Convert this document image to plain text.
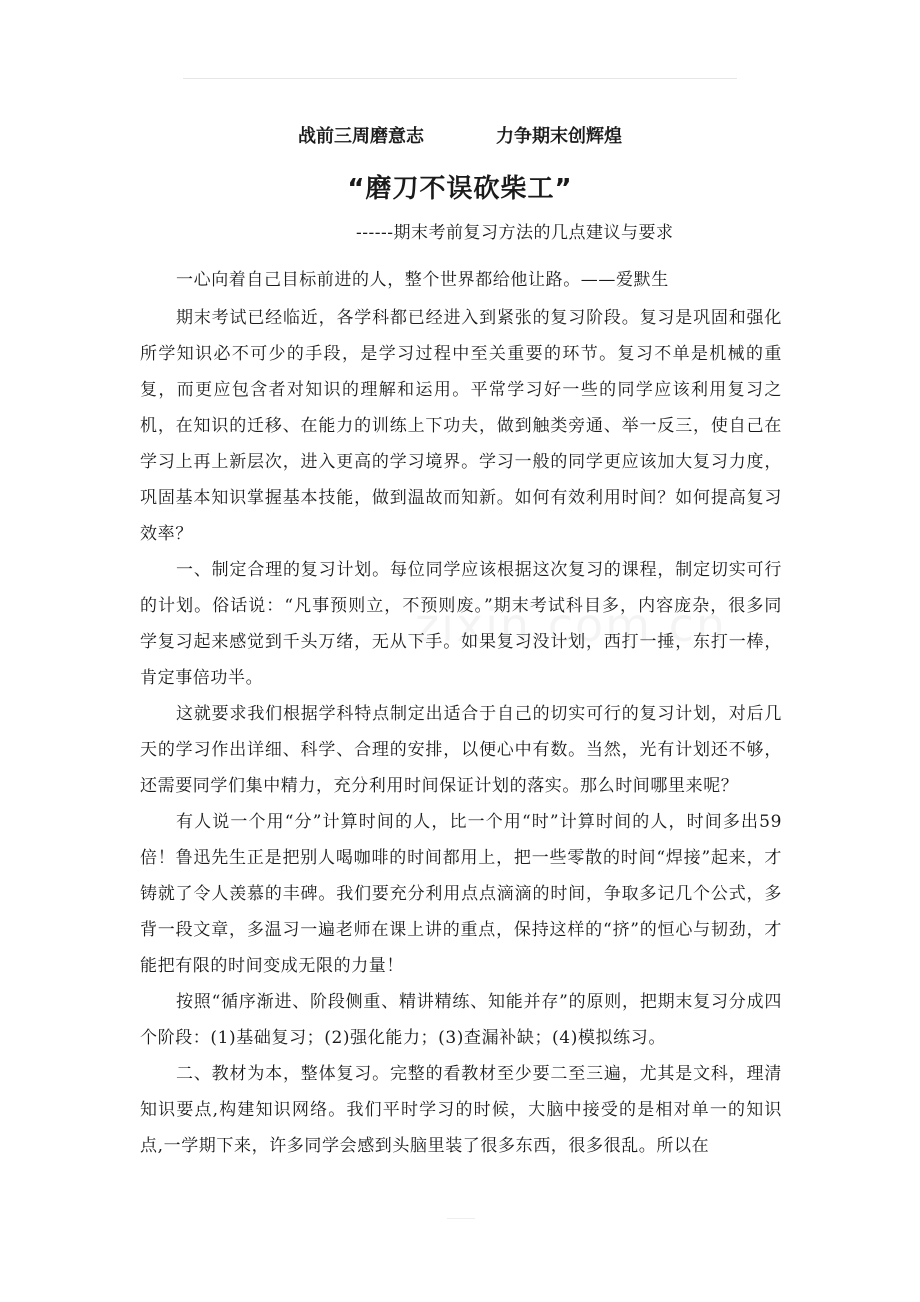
战前三周磨意志	力争期末创辉煌
“磨刀不误砍柴工”
------期末考前复习方法的几点建议与要求

一心向着自己目标前进的人，整个世界都给他让路。——爱默生

期末考试已经临近，各学科都已经进入到紧张的复习阶段。复习是巩固和强化所学知识必不可少的手段，是学习过程中至关重要的环节。复习不单是机械的重复，而更应包含者对知识的理解和运用。平常学习好一些的同学应该利用复习之机，在知识的迁移、在能力的训练上下功夫，做到触类旁通、举一反三，使自己在学习上再上新层次，进入更高的学习境界。学习一般的同学更应该加大复习力度，巩固基本知识掌握基本技能，做到温故而知新。如何有效利用时间？如何提高复习效率？

一、制定合理的复习计划。每位同学应该根据这次复习的课程，制定切实可行的计划。俗话说：“凡事预则立，不预则废。”期末考试科目多，内容庞杂，很多同学复习起来感觉到千头万绪，无从下手。如果复习没计划，西打一捶，东打一棒，肯定事倍功半。

这就要求我们根据学科特点制定出适合于自己的切实可行的复习计划，对后几天的学习作出详细、科学、合理的安排，以便心中有数。当然，光有计划还不够，还需要同学们集中精力，充分利用时间保证计划的落实。那么时间哪里来呢？

有人说一个用“分”计算时间的人，比一个用“时”计算时间的人，时间多出59倍！鲁迅先生正是把别人喝咖啡的时间都用上，把一些零散的时间“焊接”起来，才铸就了令人羡慕的丰碑。我们要充分利用点点滴滴的时间，争取多记几个公式，多背一段文章，多温习一遍老师在课上讲的重点，保持这样的“挤”的恒心与韧劲，才能把有限的时间变成无限的力量！

按照“循序渐进、阶段侧重、精讲精练、知能并存”的原则，把期末复习分成四个阶段：(1)基础复习；(2)强化能力；(3)查漏补缺；(4)模拟练习。

二、教材为本，整体复习。完整的看教材至少要二至三遍，尤其是文科，理清知识要点,构建知识网络。我们平时学习的时候，大脑中接受的是相对单一的知识点,一学期下来，许多同学会感到头脑里装了很多东西，很多很乱。所以在
